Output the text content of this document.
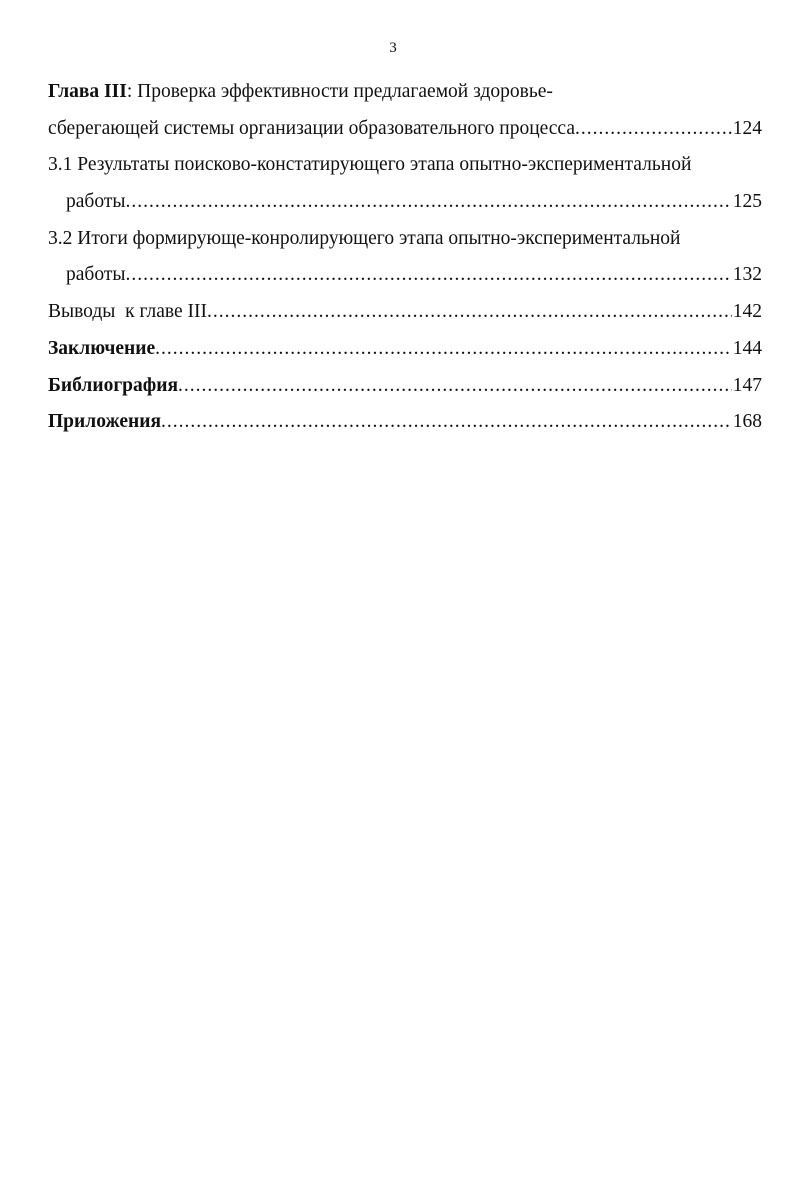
3
Глава III: Проверка эффективности предлагаемой здоровье-
сберегающей системы организации образовательного процесса .....	124
3.1 Результаты поисково-констатирующего этапа опытно-экспериментальной
работы .....	125
3.2 Итоги формирующе-конролирующего этапа опытно-экспериментальной
работы .....	132
Выводы  к главе III .....	142
Заключение .....	144
Библиография .....	147
Приложения .....	168
